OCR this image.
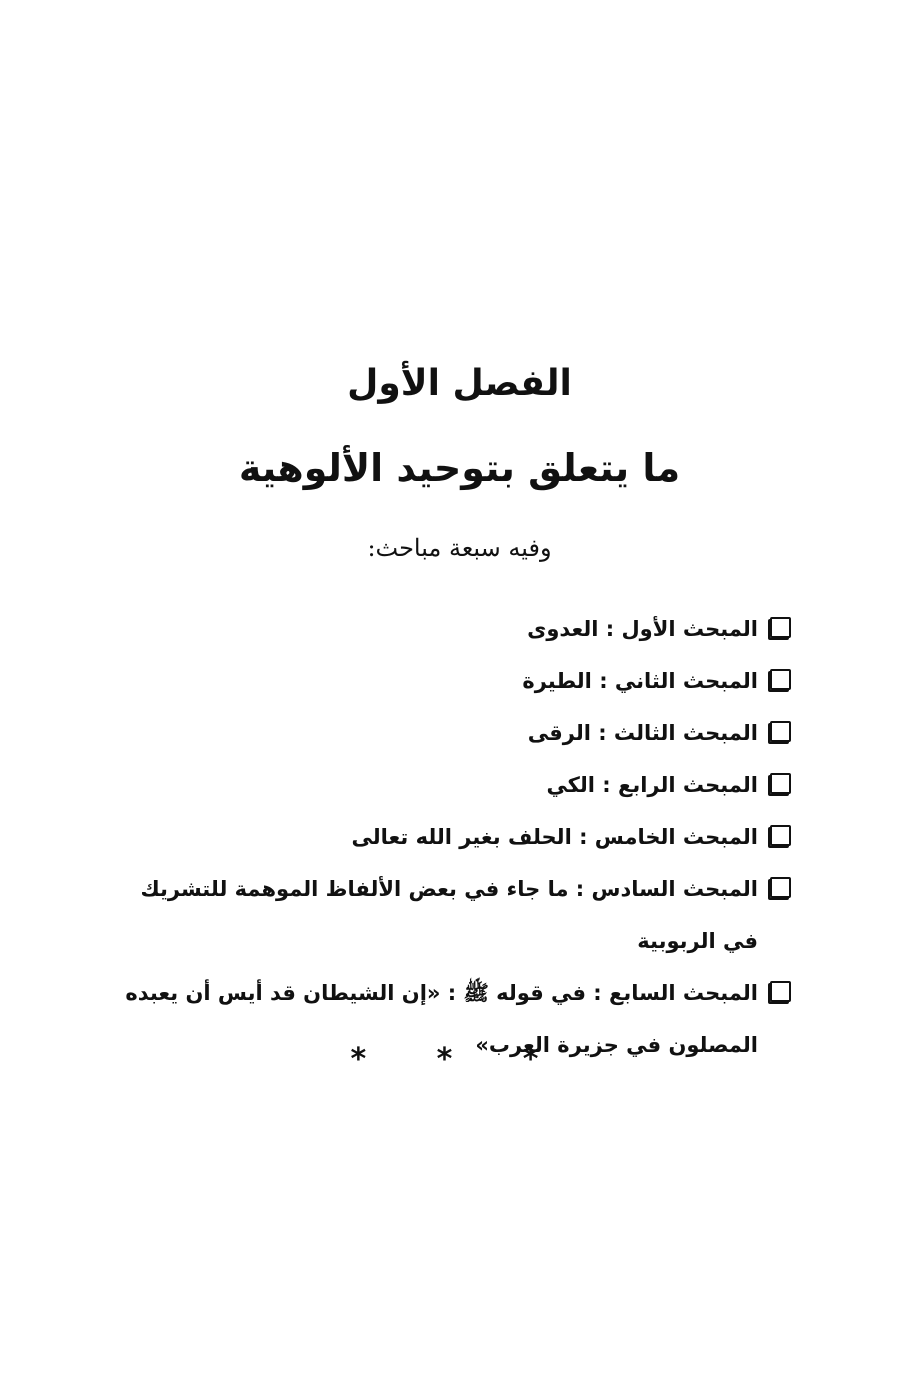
الفصل الأول
ما يتعلق بتوحيد الألوهية
وفيه سبعة مباحث:
المبحث الأول : العدوى
المبحث الثاني : الطيرة
المبحث الثالث : الرقى
المبحث الرابع : الكي
المبحث الخامس : الحلف بغير الله تعالى
المبحث السادس : ما جاء في بعض الألفاظ الموهمة للتشريك في الربوبية
المبحث السابع : في قوله ﷺ : «إن الشيطان قد أيس أن يعبده المصلون في جزيرة العرب»
* * *
